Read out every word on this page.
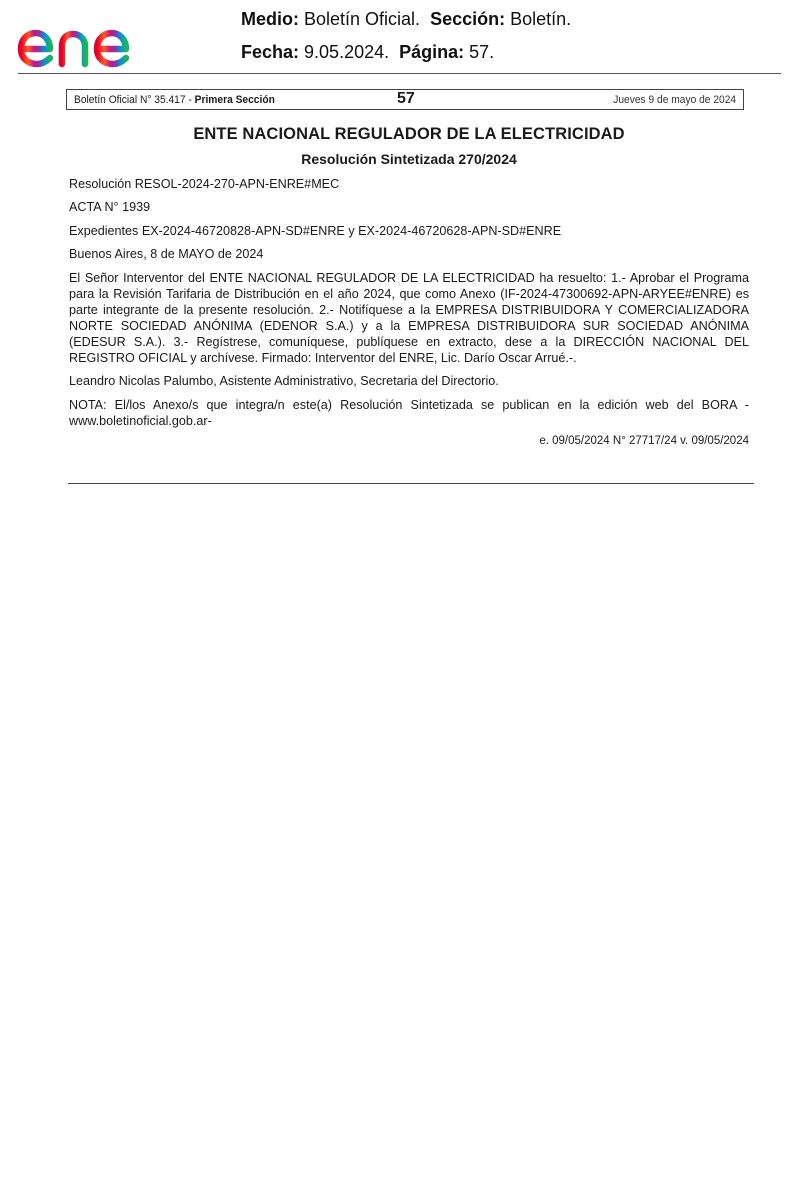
Medio: Boletín Oficial. Sección: Boletín.
Fecha: 9.05.2024. Página: 57.
Boletín Oficial N° 35.417 - Primera Sección	57	Jueves 9 de mayo de 2024
ENTE NACIONAL REGULADOR DE LA ELECTRICIDAD
Resolución Sintetizada 270/2024
Resolución RESOL-2024-270-APN-ENRE#MEC
ACTA N° 1939
Expedientes EX-2024-46720828-APN-SD#ENRE y EX-2024-46720628-APN-SD#ENRE
Buenos Aires, 8 de MAYO de 2024
El Señor Interventor del ENTE NACIONAL REGULADOR DE LA ELECTRICIDAD ha resuelto: 1.- Aprobar el Programa para la Revisión Tarifaria de Distribución en el año 2024, que como Anexo (IF-2024-47300692-APN-ARYEE#ENRE) es parte integrante de la presente resolución. 2.- Notifíquese a la EMPRESA DISTRIBUIDORA Y COMERCIALIZADORA NORTE SOCIEDAD ANÓNIMA (EDENOR S.A.) y a la EMPRESA DISTRIBUIDORA SUR SOCIEDAD ANÓNIMA (EDESUR S.A.). 3.- Regístrese, comuníquese, publíquese en extracto, dese a la DIRECCIÓN NACIONAL DEL REGISTRO OFICIAL y archívese. Firmado: Interventor del ENRE, Lic. Darío Oscar Arrué.-.
Leandro Nicolas Palumbo, Asistente Administrativo, Secretaria del Directorio.
NOTA: El/los Anexo/s que integra/n este(a) Resolución Sintetizada se publican en la edición web del BORA -www.boletinoficial.gob.ar-
e. 09/05/2024 N° 27717/24 v. 09/05/2024
